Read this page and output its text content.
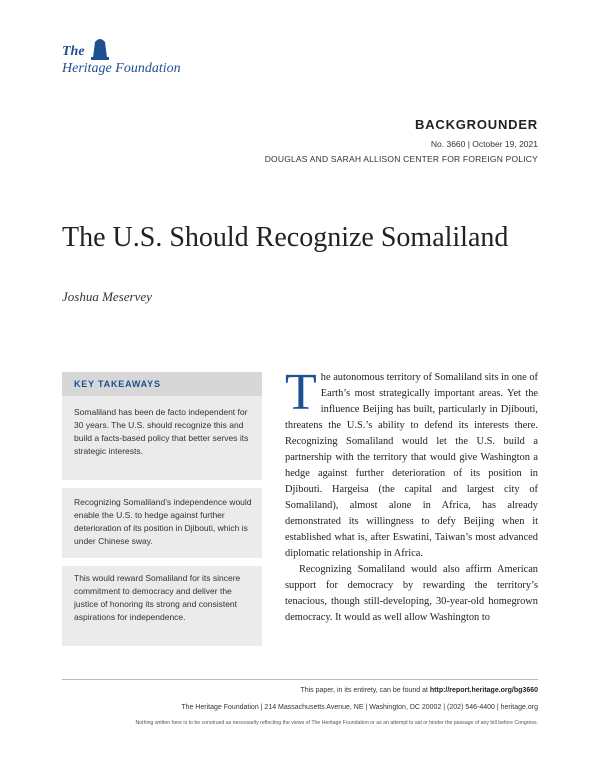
The
Heritage Foundation
BACKGROUNDER
No. 3660 | October 19, 2021
DOUGLAS AND SARAH ALLISON CENTER FOR FOREIGN POLICY
The U.S. Should Recognize Somaliland
Joshua Meservey
KEY TAKEAWAYS
Somaliland has been de facto independent for 30 years. The U.S. should recognize this and build a facts-based policy that better serves its strategic interests.
Recognizing Somaliland’s independence would enable the U.S. to hedge against further deterioration of its position in Djibouti, which is under Chinese sway.
This would reward Somaliland for its sincere commitment to democracy and deliver the justice of honoring its strong and consistent aspirations for independence.

The autonomous territory of Somaliland sits in one of Earth’s most strategically important areas. Yet the influence Beijing has built, particularly in Djibouti, threatens the U.S.’s ability to defend its interests there. Recognizing Somaliland would let the U.S. build a partnership with the territory that would give Washington a hedge against further deterioration of its position in Djibouti. Hargeisa (the capital and largest city of Somaliland), almost alone in Africa, has already demonstrated its willingness to defy Beijing when it established what is, after Eswatini, Taiwan’s most advanced diplomatic relationship in Africa.

Recognizing Somaliland would also affirm American support for democracy by rewarding the territory’s tenacious, though still-developing, 30-year-old homegrown democracy. It would as well allow Washington to

This paper, in its entirety, can be found at http://report.heritage.org/bg3660
The Heritage Foundation | 214 Massachusetts Avenue, NE | Washington, DC 20002 | (202) 546-4400 | heritage.org
Nothing written here is to be construed as necessarily reflecting the views of The Heritage Foundation or as an attempt to aid or hinder the passage of any bill before Congress.
